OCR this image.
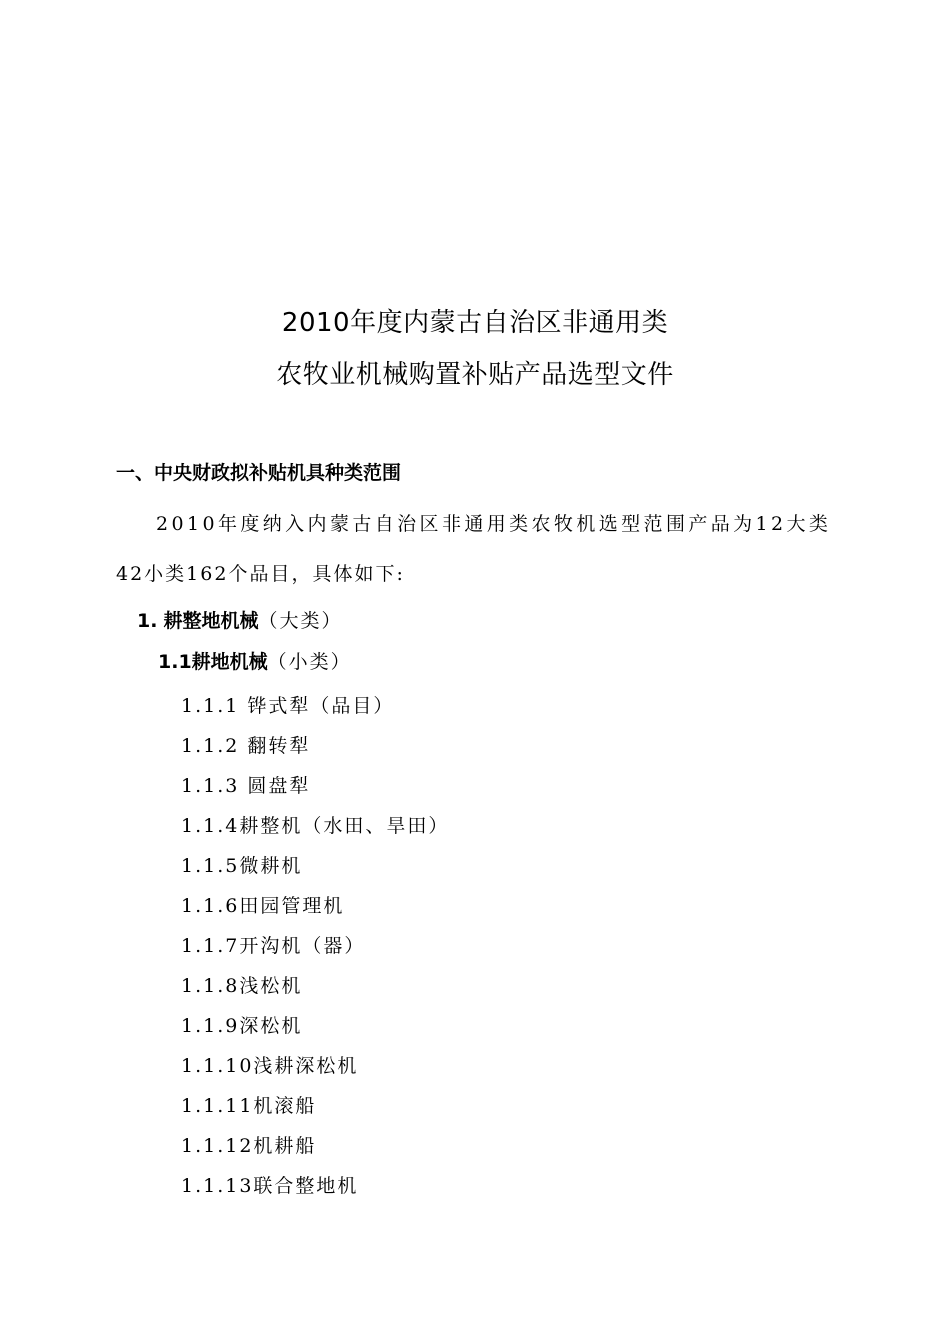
2010年度内蒙古自治区非通用类
农牧业机械购置补贴产品选型文件
一、中央财政拟补贴机具种类范围
2010年度纳入内蒙古自治区非通用类农牧机选型范围产品为12大类
42小类162个品目，具体如下:
1. 耕整地机械（大类）
1.1耕地机械（小类）
1.1.1 铧式犁（品目）
1.1.2 翻转犁
1.1.3 圆盘犁
1.1.4耕整机（水田、旱田）
1.1.5微耕机
1.1.6田园管理机
1.1.7开沟机（器）
1.1.8浅松机
1.1.9深松机
1.1.10浅耕深松机
1.1.11机滚船
1.1.12机耕船
1.1.13联合整地机
